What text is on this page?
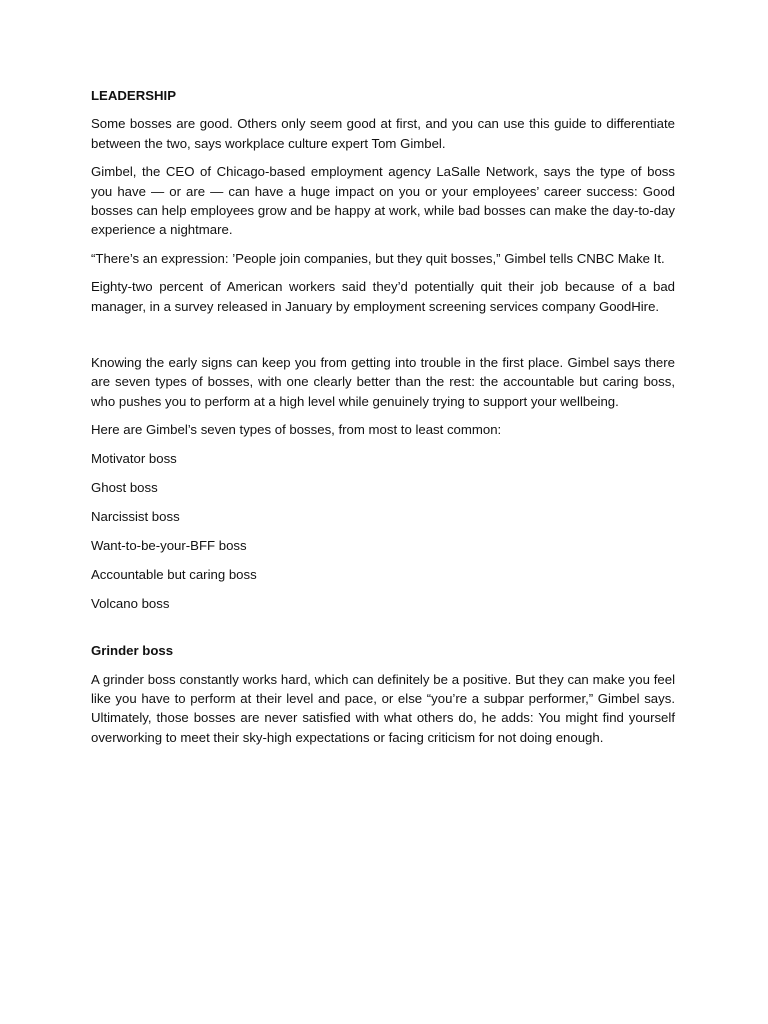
LEADERSHIP

Some bosses are good. Others only seem good at first, and you can use this guide to differentiate between the two, says workplace culture expert Tom Gimbel.

Gimbel, the CEO of Chicago-based employment agency LaSalle Network, says the type of boss you have — or are — can have a huge impact on you or your employees’ career success: Good bosses can help employees grow and be happy at work, while bad bosses can make the day-to-day experience a nightmare.

“There’s an expression: ’People join companies, but they quit bosses,” Gimbel tells CNBC Make It.

Eighty-two percent of American workers said they’d potentially quit their job because of a bad manager, in a survey released in January by employment screening services company GoodHire.

Knowing the early signs can keep you from getting into trouble in the first place. Gimbel says there are seven types of bosses, with one clearly better than the rest: the accountable but caring boss, who pushes you to perform at a high level while genuinely trying to support your wellbeing.

Here are Gimbel’s seven types of bosses, from most to least common:

Motivator boss
Ghost boss
Narcissist boss
Want-to-be-your-BFF boss
Accountable but caring boss
Volcano boss
Grinder boss

A grinder boss constantly works hard, which can definitely be a positive. But they can make you feel like you have to perform at their level and pace, or else “you’re a subpar performer,” Gimbel says. Ultimately, those bosses are never satisfied with what others do, he adds: You might find yourself overworking to meet their sky-high expectations or facing criticism for not doing enough.
